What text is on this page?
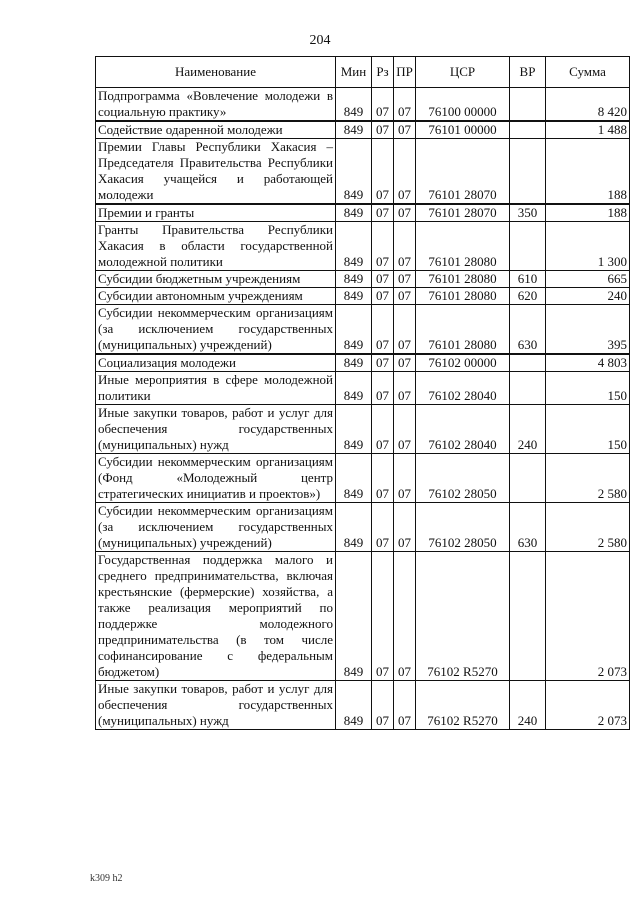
204
Наименование	Мин	Рз	ПР	ЦСР	ВР	Сумма
Подпрограмма «Вовлечение молодежи в социальную практику»	849	07	07	76100 00000		8 420
Содействие одаренной молодежи	849	07	07	76101 00000		1 488
Премии Главы Республики Хакасия – Председателя Правительства Республики Хакасия учащейся и работающей молодежи	849	07	07	76101 28070		188
Премии и гранты	849	07	07	76101 28070	350	188
Гранты Правительства Республики Хакасия в области государственной молодежной политики	849	07	07	76101 28080		1 300
Субсидии бюджетным учреждениям	849	07	07	76101 28080	610	665
Субсидии автономным учреждениям	849	07	07	76101 28080	620	240
Субсидии некоммерческим организациям (за исключением государственных (муниципальных) учреждений)	849	07	07	76101 28080	630	395
Социализация молодежи	849	07	07	76102 00000		4 803
Иные мероприятия в сфере молодежной политики	849	07	07	76102 28040		150
Иные закупки товаров, работ и услуг для обеспечения государственных (муниципальных) нужд	849	07	07	76102 28040	240	150
Субсидии некоммерческим организациям (Фонд «Молодежный центр стратегических инициатив и проектов»)	849	07	07	76102 28050		2 580
Субсидии некоммерческим организациям (за исключением государственных (муниципальных) учреждений)	849	07	07	76102 28050	630	2 580
Государственная поддержка малого и среднего предпринимательства, включая крестьянские (фермерские) хозяйства, а также реализация мероприятий по поддержке молодежного предпринимательства (в том числе софинансирование с федеральным бюджетом)	849	07	07	76102 R5270		2 073
Иные закупки товаров, работ и услуг для обеспечения государственных (муниципальных) нужд	849	07	07	76102 R5270	240	2 073
k309 h2
